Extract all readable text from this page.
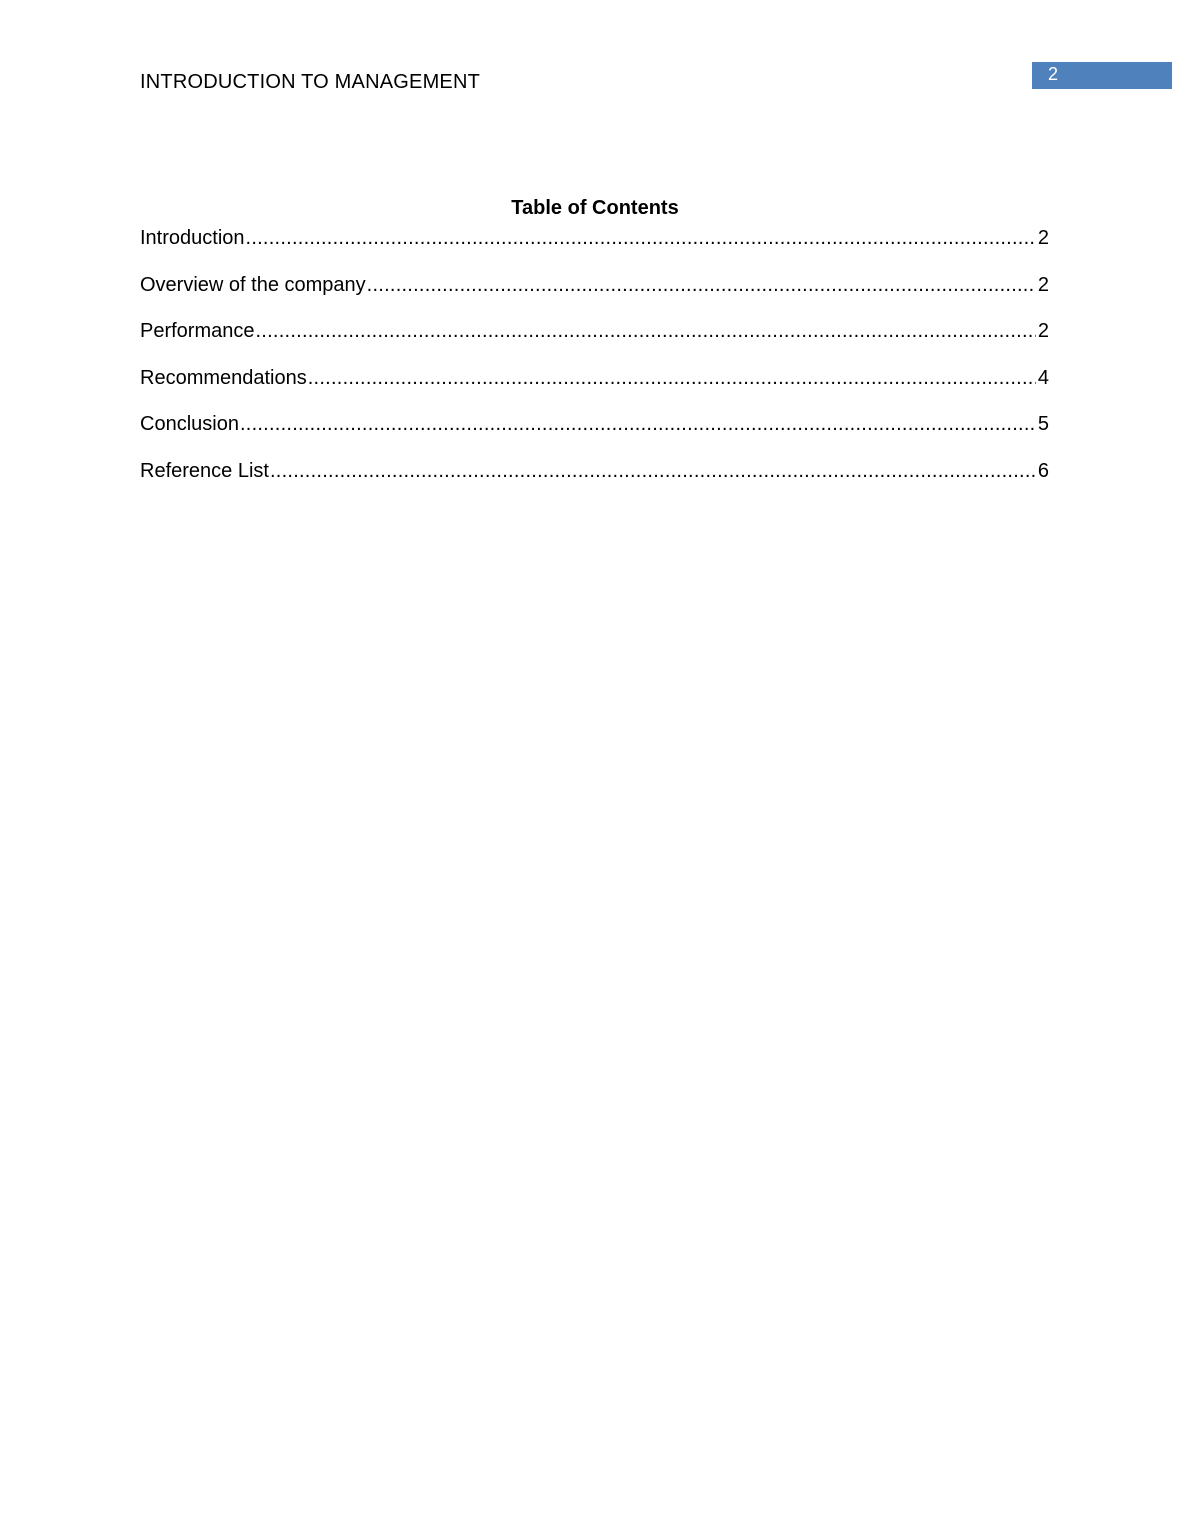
INTRODUCTION TO MANAGEMENT	2
Table of Contents
Introduction .....	2
Overview of the company .....	2
Performance .....	2
Recommendations .....	4
Conclusion .....	5
Reference List .....	6
